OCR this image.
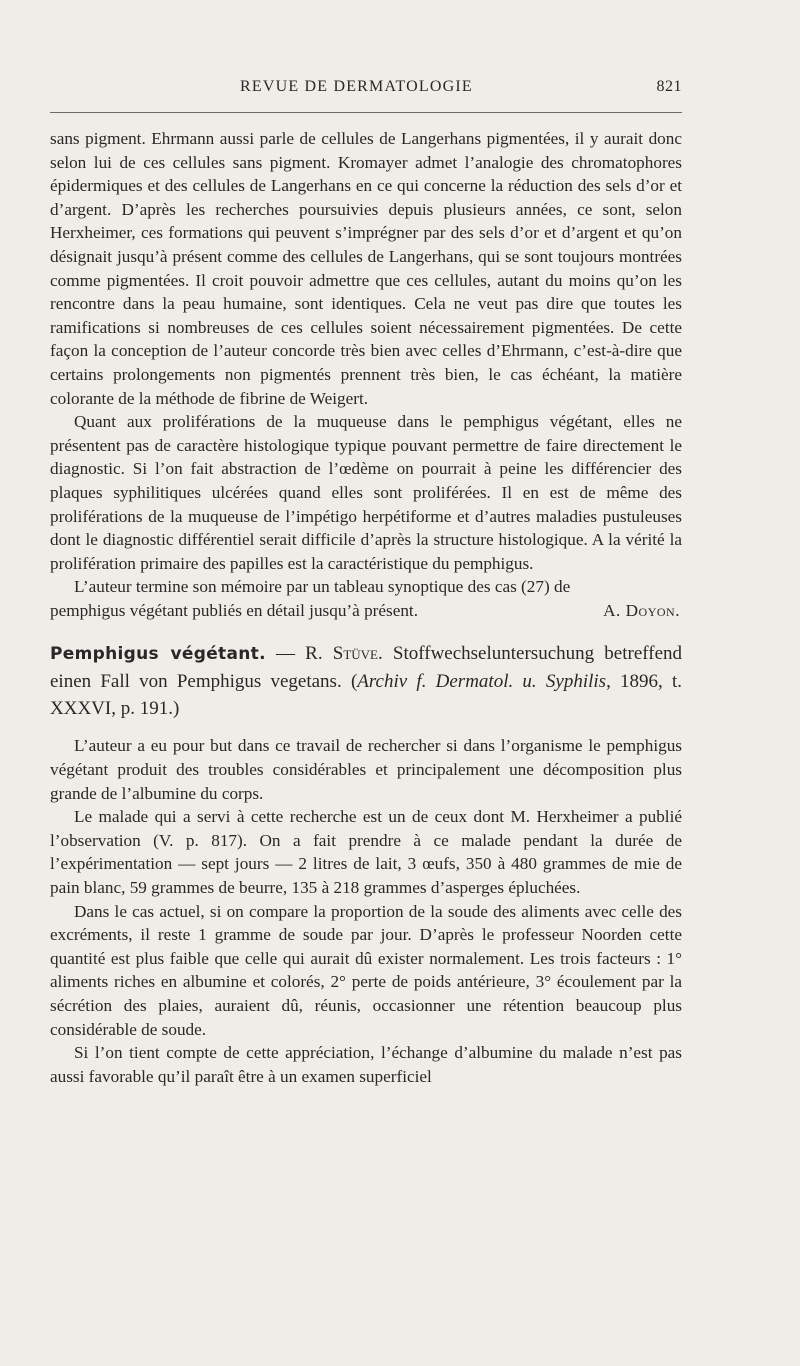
REVUE DE DERMATOLOGIE	821

sans pigment. Ehrmann aussi parle de cellules de Langerhans pigmentées, il y aurait donc selon lui de ces cellules sans pigment. Kromayer admet l’analogie des chromatophores épidermiques et des cellules de Langerhans en ce qui concerne la réduction des sels d’or et d’argent. D’après les recherches poursuivies depuis plusieurs années, ce sont, selon Herxheimer, ces formations qui peuvent s’imprégner par des sels d’or et d’argent et qu’on désignait jusqu’à présent comme des cellules de Langerhans, qui se sont toujours montrées comme pigmentées. Il croit pouvoir admettre que ces cellules, autant du moins qu’on les rencontre dans la peau humaine, sont identiques. Cela ne veut pas dire que toutes les ramifications si nombreuses de ces cellules soient nécessairement pigmentées. De cette façon la conception de l’auteur concorde très bien avec celles d’Ehrmann, c’est-à-dire que certains prolongements non pigmentés prennent très bien, le cas échéant, la matière colorante de la méthode de fibrine de Weigert.

Quant aux proliférations de la muqueuse dans le pemphigus végétant, elles ne présentent pas de caractère histologique typique pouvant permettre de faire directement le diagnostic. Si l’on fait abstraction de l’œdème on pourrait à peine les différencier des plaques syphilitiques ulcérées quand elles sont proliférées. Il en est de même des proliférations de la muqueuse de l’impétigo herpétiforme et d’autres maladies pustuleuses dont le diagnostic différentiel serait difficile d’après la structure histologique. A la vérité la prolifération primaire des papilles est la caractéristique du pemphigus.

L’auteur termine son mémoire par un tableau synoptique des cas (27) de

pemphigus végétant publiés en détail jusqu’à présent.	A. Doyon.
Pemphigus végétant. — R. Stüve. Stoffwechseluntersuchung betreffend einen Fall von Pemphigus vegetans. (Archiv f. Dermatol. u. Syphilis, 1896, t. XXXVI, p. 191.)

L’auteur a eu pour but dans ce travail de rechercher si dans l’organisme le pemphigus végétant produit des troubles considérables et principalement une décomposition plus grande de l’albumine du corps.

Le malade qui a servi à cette recherche est un de ceux dont M. Herxheimer a publié l’observation (V. p. 817). On a fait prendre à ce malade pendant la durée de l’expérimentation — sept jours — 2 litres de lait, 3 œufs, 350 à 480 grammes de mie de pain blanc, 59 grammes de beurre, 135 à 218 grammes d’asperges épluchées.

Dans le cas actuel, si on compare la proportion de la soude des aliments avec celle des excréments, il reste 1 gramme de soude par jour. D’après le professeur Noorden cette quantité est plus faible que celle qui aurait dû exister normalement. Les trois facteurs : 1° aliments riches en albumine et colorés, 2° perte de poids antérieure, 3° écoulement par la sécrétion des plaies, auraient dû, réunis, occasionner une rétention beaucoup plus considérable de soude.

Si l’on tient compte de cette appréciation, l’échange d’albumine du malade n’est pas aussi favorable qu’il paraît être à un examen superficiel
